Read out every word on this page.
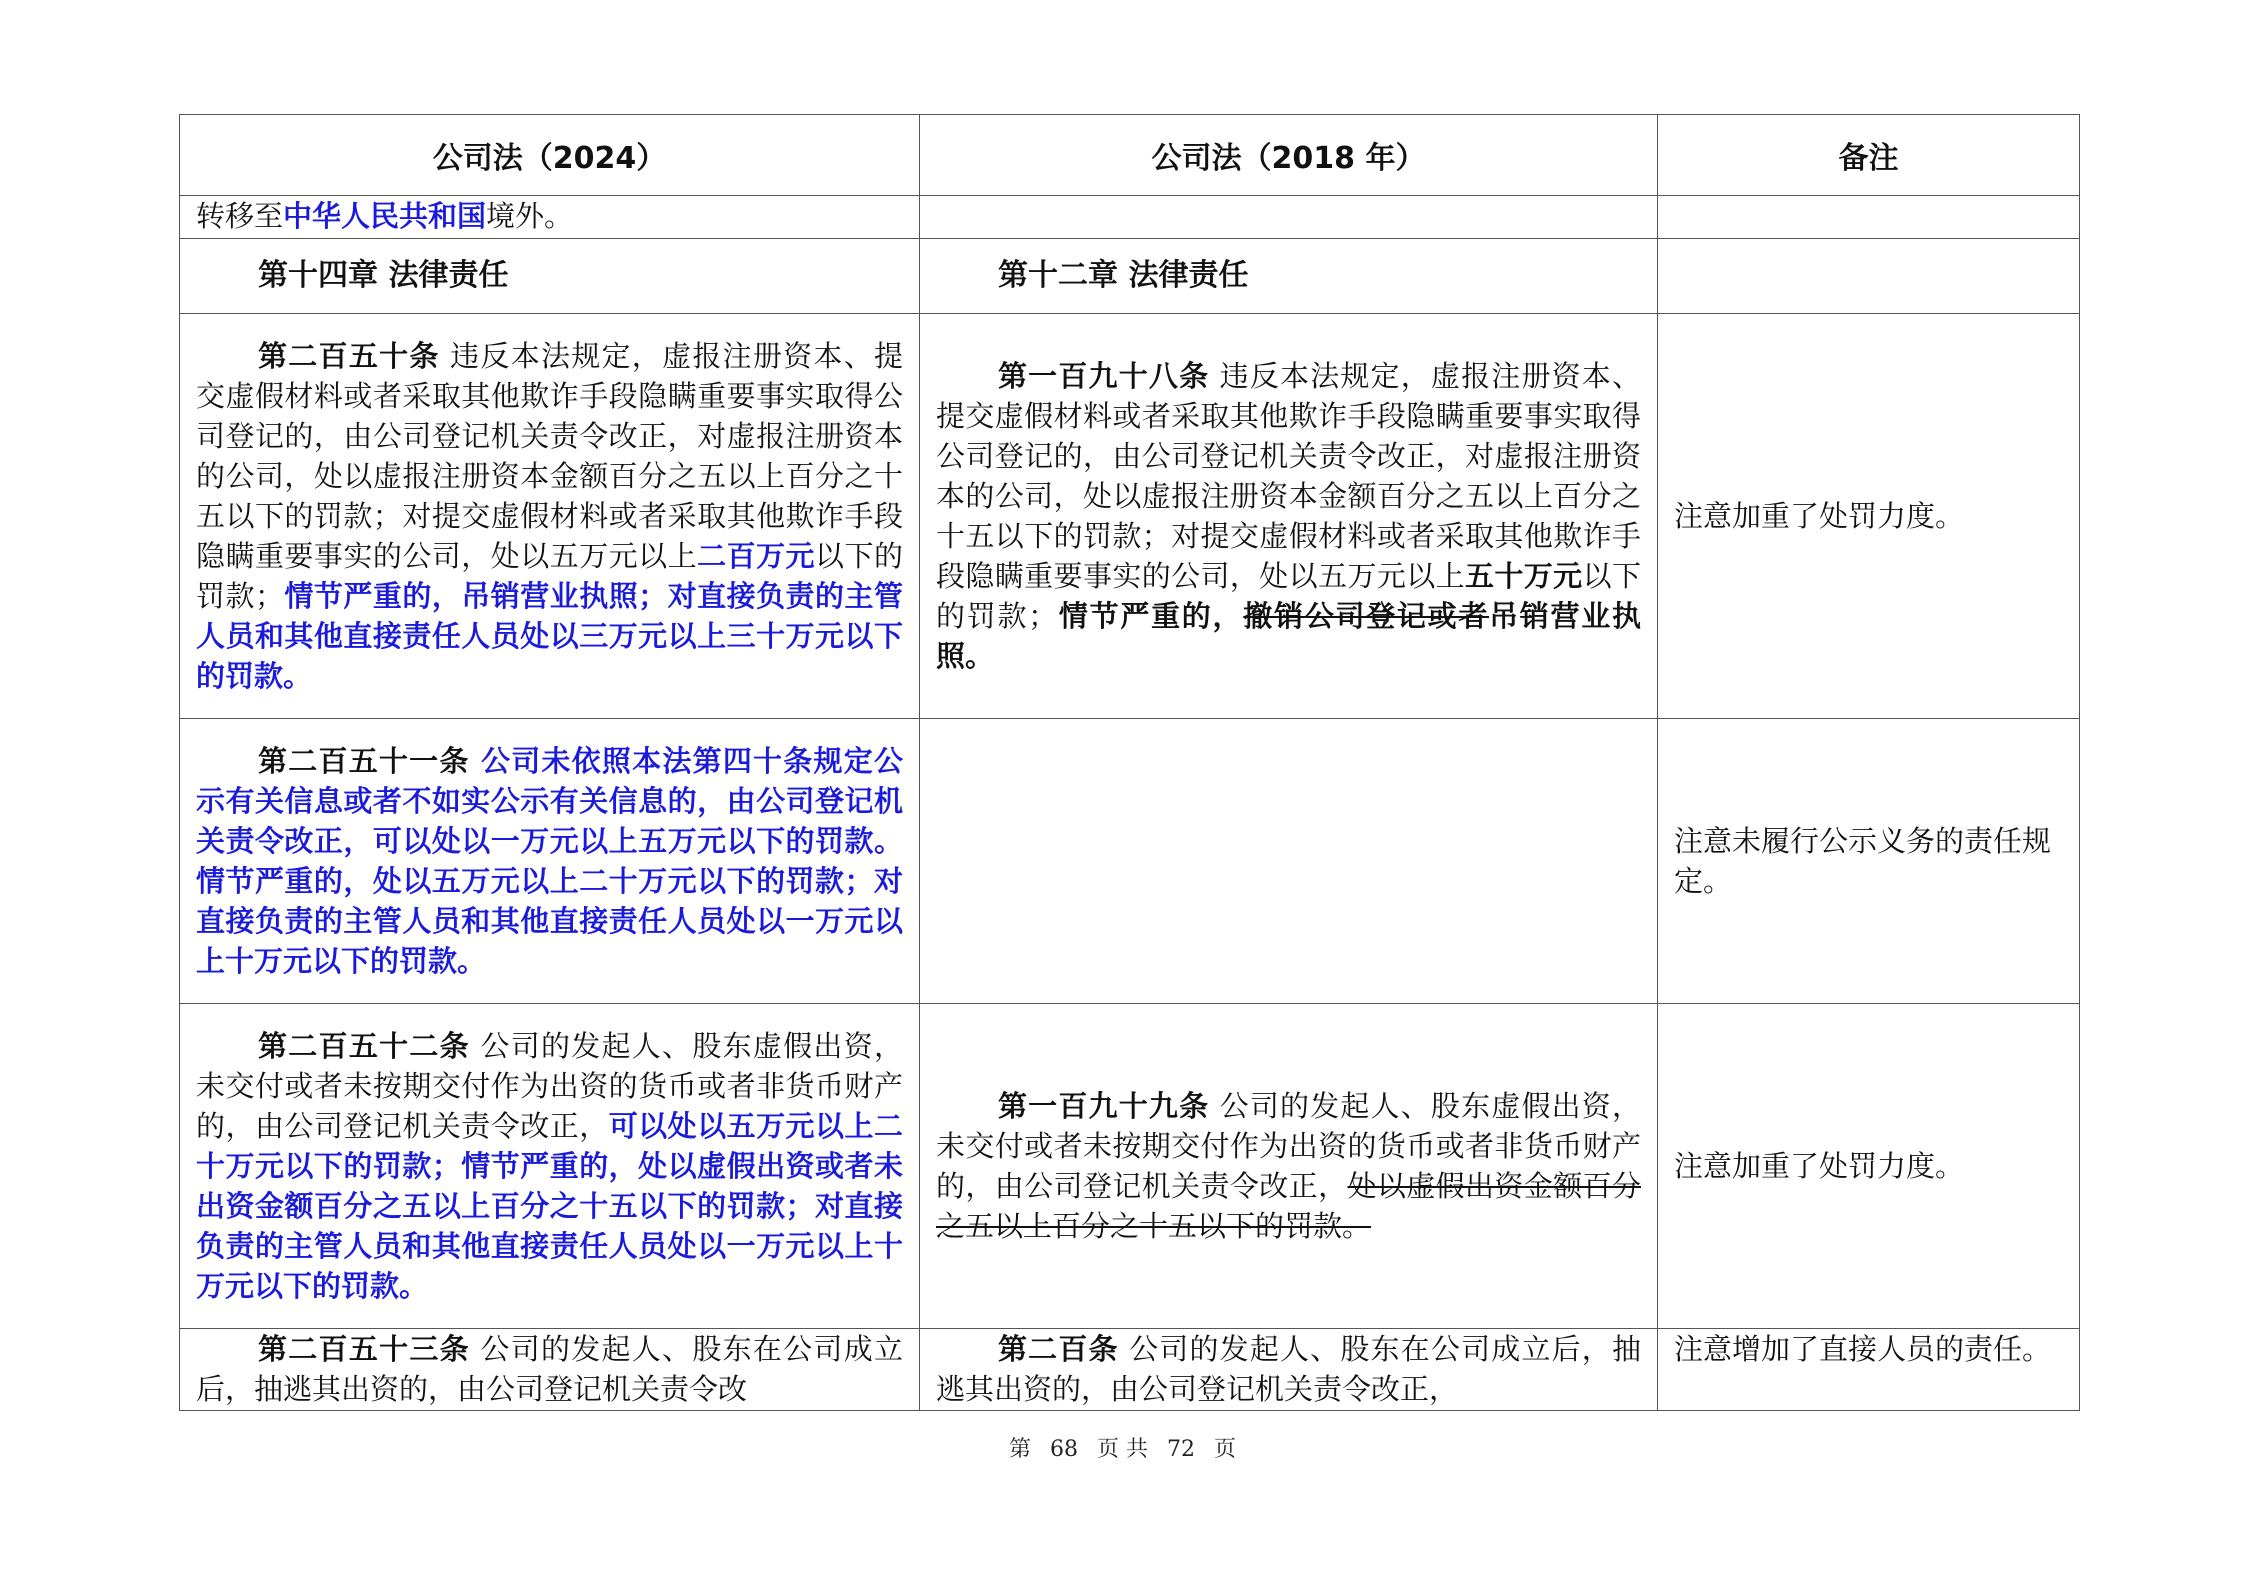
公司法（2024）	公司法（2018 年）	备注
转移至中华人民共和国境外。		
第十四章 法律责任	第十二章 法律责任	
第二百五十条 违反本法规定，虚报注册资本、提交虚假材料或者采取其他欺诈手段隐瞒重要事实取得公司登记的，由公司登记机关责令改正，对虚报注册资本的公司，处以虚报注册资本金额百分之五以上百分之十五以下的罚款；对提交虚假材料或者采取其他欺诈手段隐瞒重要事实的公司，处以五万元以上二百万元以下的罚款；情节严重的，吊销营业执照；对直接负责的主管人员和其他直接责任人员处以三万元以上三十万元以下的罚款。	第一百九十八条 违反本法规定，虚报注册资本、提交虚假材料或者采取其他欺诈手段隐瞒重要事实取得公司登记的，由公司登记机关责令改正，对虚报注册资本的公司，处以虚报注册资本金额百分之五以上百分之十五以下的罚款；对提交虚假材料或者采取其他欺诈手段隐瞒重要事实的公司，处以五万元以上五十万元以下的罚款；情节严重的，撤销公司登记或者吊销营业执照。	注意加重了处罚力度。
第二百五十一条 公司未依照本法第四十条规定公示有关信息或者不如实公示有关信息的，由公司登记机关责令改正，可以处以一万元以上五万元以下的罚款。情节严重的，处以五万元以上二十万元以下的罚款；对直接负责的主管人员和其他直接责任人员处以一万元以上十万元以下的罚款。		注意未履行公示义务的责任规定。
第二百五十二条 公司的发起人、股东虚假出资，未交付或者未按期交付作为出资的货币或者非货币财产的，由公司登记机关责令改正，可以处以五万元以上二十万元以下的罚款；情节严重的，处以虚假出资或者未出资金额百分之五以上百分之十五以下的罚款；对直接负责的主管人员和其他直接责任人员处以一万元以上十万元以下的罚款。	第一百九十九条 公司的发起人、股东虚假出资，未交付或者未按期交付作为出资的货币或者非货币财产的，由公司登记机关责令改正，处以虚假出资金额百分之五以上百分之十五以下的罚款。	注意加重了处罚力度。
第二百五十三条 公司的发起人、股东在公司成立后，抽逃其出资的，由公司登记机关责令改	第二百条 公司的发起人、股东在公司成立后，抽逃其出资的，由公司登记机关责令改正，	注意增加了直接人员的责任。
第 68 页 共 72 页
